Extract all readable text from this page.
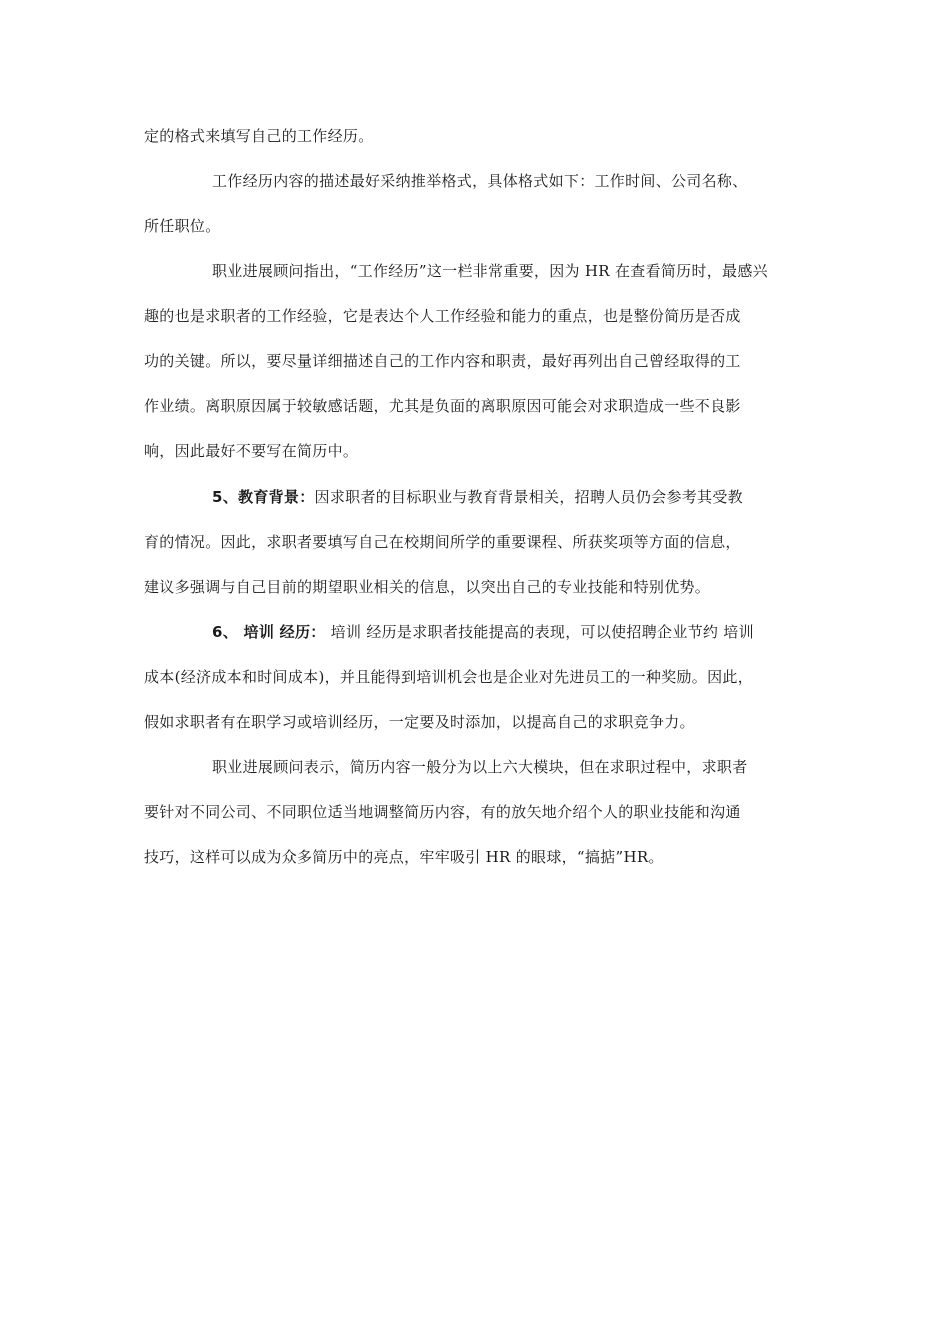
定的格式来填写自己的工作经历。
工作经历内容的描述最好采纳推举格式，具体格式如下：工作时间、公司名称、
所任职位。
职业进展顾问指出，“工作经历”这一栏非常重要，因为 HR 在查看简历时，最感兴
趣的也是求职者的工作经验，它是表达个人工作经验和能力的重点，也是整份简历是否成
功的关键。所以，要尽量详细描述自己的工作内容和职责，最好再列出自己曾经取得的工
作业绩。离职原因属于较敏感话题，尤其是负面的离职原因可能会对求职造成一些不良影
响，因此最好不要写在简历中。
5、教育背景：因求职者的目标职业与教育背景相关，招聘人员仍会参考其受教
育的情况。因此，求职者要填写自己在校期间所学的重要课程、所获奖项等方面的信息，
建议多强调与自己目前的期望职业相关的信息，以突出自己的专业技能和特别优势。
6、 培训 经历： 培训 经历是求职者技能提高的表现，可以使招聘企业节约 培训
成本(经济成本和时间成本)，并且能得到培训机会也是企业对先进员工的一种奖励。因此，
假如求职者有在职学习或培训经历，一定要及时添加，以提高自己的求职竞争力。
职业进展顾问表示，简历内容一般分为以上六大模块，但在求职过程中，求职者
要针对不同公司、不同职位适当地调整简历内容，有的放矢地介绍个人的职业技能和沟通
技巧，这样可以成为众多简历中的亮点，牢牢吸引 HR 的眼球，“搞掂”HR。
